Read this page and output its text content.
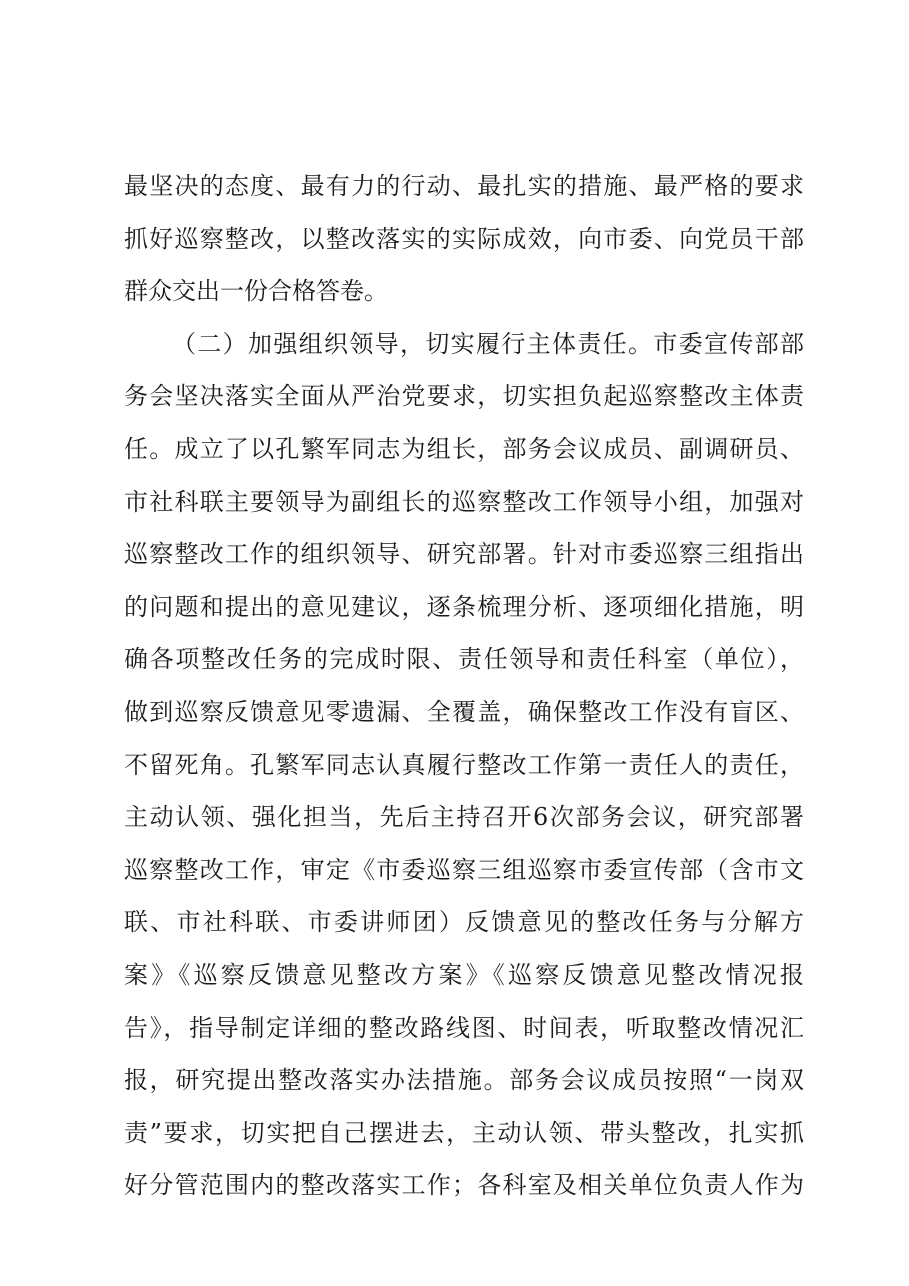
最坚决的态度、最有力的行动、最扎实的措施、最严格的要求
抓好巡察整改，以整改落实的实际成效，向市委、向党员干部
群众交出一份合格答卷。
（二）加强组织领导，切实履行主体责任。市委宣传部部
务会坚决落实全面从严治党要求，切实担负起巡察整改主体责
任。成立了以孔繁军同志为组长，部务会议成员、副调研员、
市社科联主要领导为副组长的巡察整改工作领导小组，加强对
巡察整改工作的组织领导、研究部署。针对市委巡察三组指出
的问题和提出的意见建议，逐条梳理分析、逐项细化措施，明
确各项整改任务的完成时限、责任领导和责任科室（单位），
做到巡察反馈意见零遗漏、全覆盖，确保整改工作没有盲区、
不留死角。孔繁军同志认真履行整改工作第一责任人的责任，
主动认领、强化担当，先后主持召开6次部务会议，研究部署
巡察整改工作，审定《市委巡察三组巡察市委宣传部（含市文
联、市社科联、市委讲师团）反馈意见的整改任务与分解方
案》《巡察反馈意见整改方案》《巡察反馈意见整改情况报
告》，指导制定详细的整改路线图、时间表，听取整改情况汇
报，研究提出整改落实办法措施。部务会议成员按照“一岗双
责”要求，切实把自己摆进去，主动认领、带头整改，扎实抓
好分管范围内的整改落实工作；各科室及相关单位负责人作为
